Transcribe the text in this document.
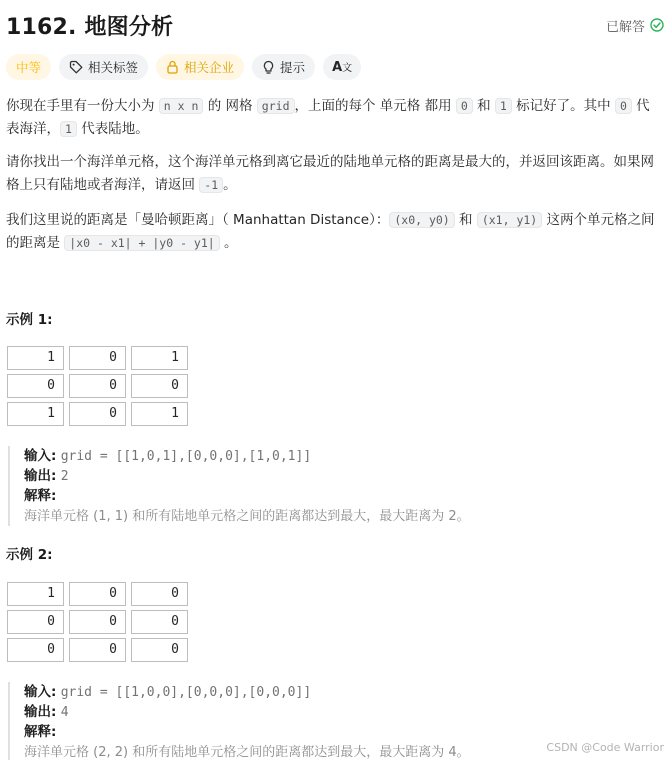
1162. 地图分析	已解答
中等	相关标签	相关企业	提示 A文
你现在手里有一份大小为 n x n 的 网格 grid ，上面的每个 单元格 都用 0 和 1 标记好了。其中 0 代表海洋， 1 代表陆地。
请你找出一个海洋单元格，这个海洋单元格到离它最近的陆地单元格的距离是最大的，并返回该距离。如果网格上只有陆地或者海洋，请返回 -1 。
我们这里说的距离是「曼哈顿距离」（ Manhattan Distance）： (x0, y0) 和 (x1, y1) 这两个单元格之间的距离是 |x0 - x1| + |y0 - y1| 。
示例 1:
1	0	1
0	0	0
1	0	1
输入: grid = [[1,0,1],[0,0,0],[1,0,1]]
输出: 2
解释:
海洋单元格 (1, 1) 和所有陆地单元格之间的距离都达到最大，最大距离为 2。
示例 2:
1	0	0
0	0	0
0	0	0
输入: grid = [[1,0,0],[0,0,0],[0,0,0]]
输出: 4
解释:
海洋单元格 (2, 2) 和所有陆地单元格之间的距离都达到最大，最大距离为 4。	CSDN @Code Warrior
